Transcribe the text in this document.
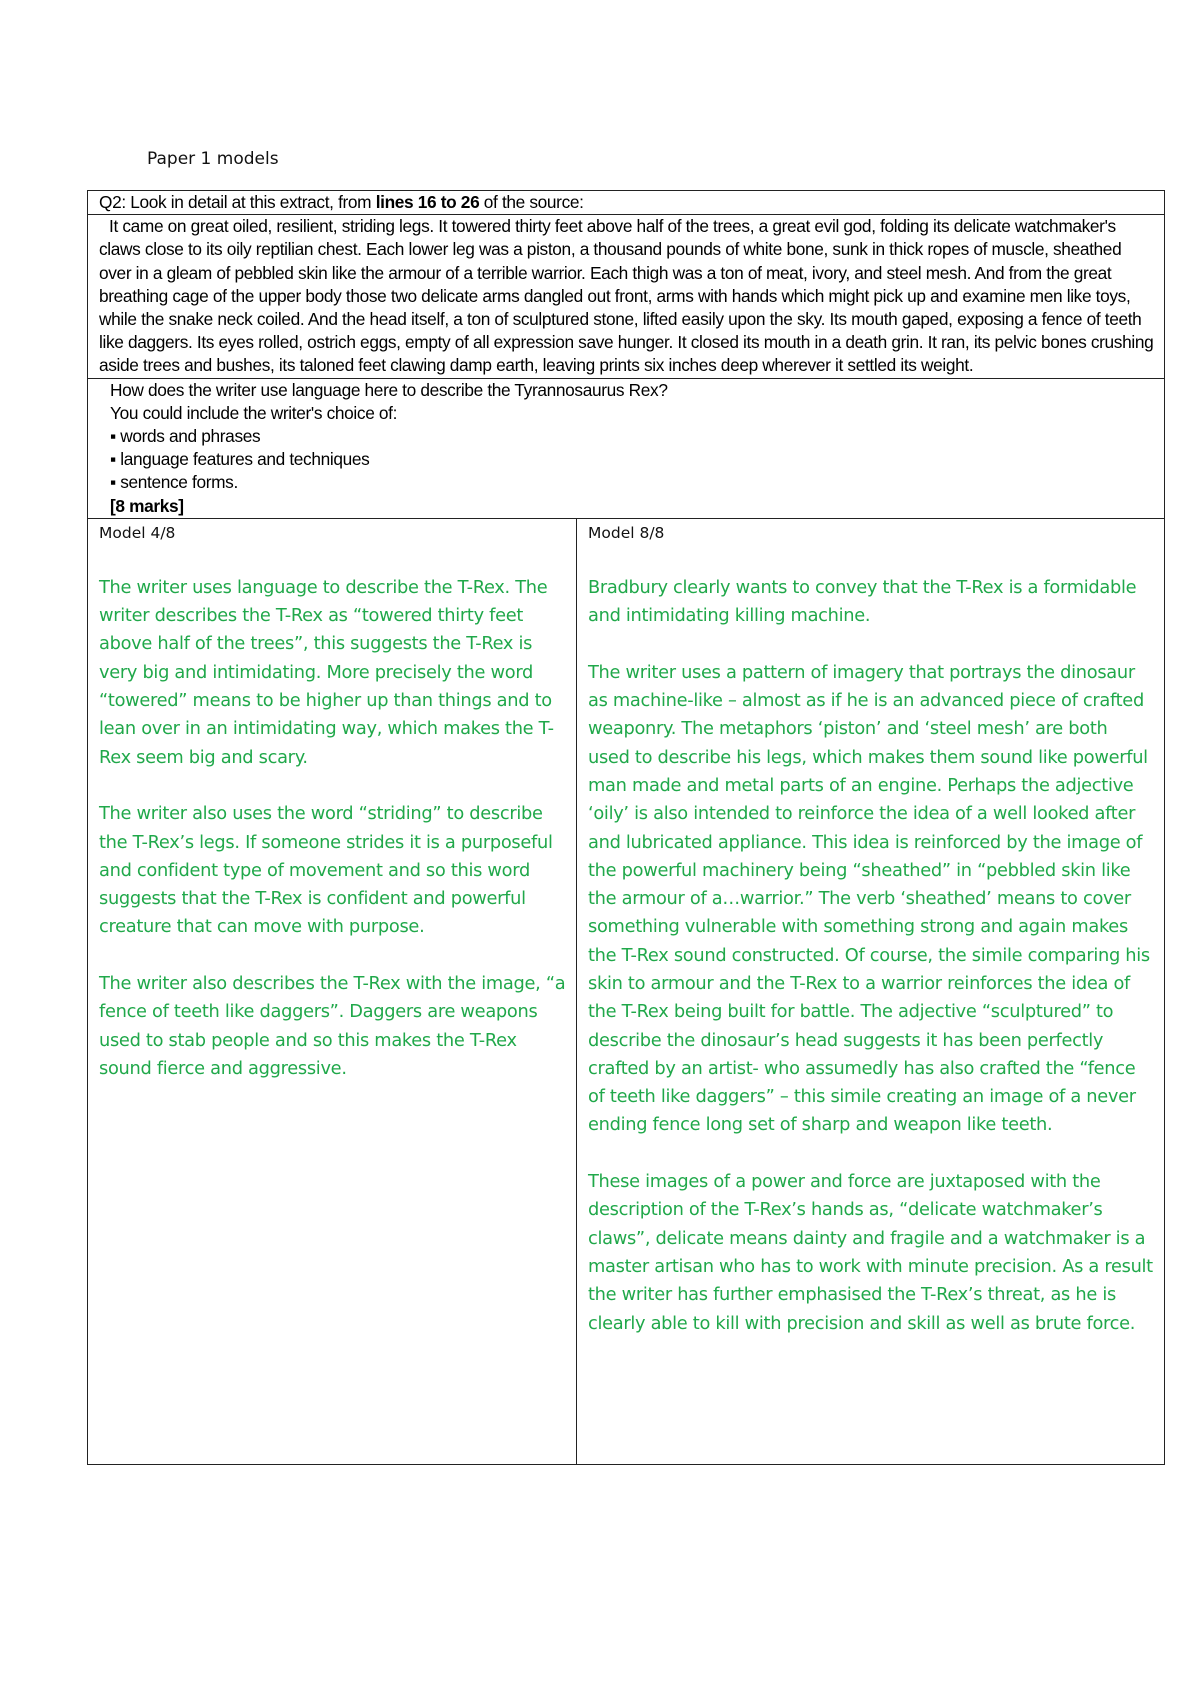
Paper 1 models
Q2: Look in detail at this extract, from lines 16 to 26 of the source:

It came on great oiled, resilient, striding legs. It towered thirty feet above half of the trees, a great evil god, folding its delicate watchmaker's claws close to its oily reptilian chest. Each lower leg was a piston, a thousand pounds of white bone, sunk in thick ropes of muscle, sheathed over in a gleam of pebbled skin like the armour of a terrible warrior. Each thigh was a ton of meat, ivory, and steel mesh. And from the great breathing cage of the upper body those two delicate arms dangled out front, arms with hands which might pick up and examine men like toys, while the snake neck coiled. And the head itself, a ton of sculptured stone, lifted easily upon the sky. Its mouth gaped, exposing a fence of teeth like daggers. Its eyes rolled, ostrich eggs, empty of all expression save hunger. It closed its mouth in a death grin. It ran, its pelvic bones crushing aside trees and bushes, its taloned feet clawing damp earth, leaving prints six inches deep wherever it settled its weight.

How does the writer use language here to describe the Tyrannosaurus Rex?
You could include the writer's choice of:
▪ words and phrases
▪ language features and techniques
▪ sentence forms.
[8 marks]

Model 4/8

The writer uses language to describe the T-Rex. The writer describes the T-Rex as “towered thirty feet above half of the trees”, this suggests the T-Rex is very big and intimidating. More precisely the word “towered” means to be higher up than things and to lean over in an intimidating way, which makes the T-Rex seem big and scary.

The writer also uses the word “striding” to describe the T-Rex’s legs. If someone strides it is a purposeful and confident type of movement and so this word suggests that the T-Rex is confident and powerful creature that can move with purpose.

The writer also describes the T-Rex with the image, “a fence of teeth like daggers”. Daggers are weapons used to stab people and so this makes the T-Rex sound fierce and aggressive.

Model 8/8

Bradbury clearly wants to convey that the T-Rex is a formidable and intimidating killing machine.

The writer uses a pattern of imagery that portrays the dinosaur as machine-like – almost as if he is an advanced piece of crafted weaponry. The metaphors ‘piston’ and ‘steel mesh’ are both used to describe his legs, which makes them sound like powerful man made and metal parts of an engine. Perhaps the adjective ‘oily’ is also intended to reinforce the idea of a well looked after and lubricated appliance. This idea is reinforced by the image of the powerful machinery being “sheathed” in “pebbled skin like the armour of a…warrior.” The verb ‘sheathed’ means to cover something vulnerable with something strong and again makes the T-Rex sound constructed. Of course, the simile comparing his skin to armour and the T-Rex to a warrior reinforces the idea of the T-Rex being built for battle. The adjective “sculptured” to describe the dinosaur’s head suggests it has been perfectly crafted by an artist- who assumedly has also crafted the “fence of teeth like daggers” – this simile creating an image of a never ending fence long set of sharp and weapon like teeth.

These images of a power and force are juxtaposed with the description of the T-Rex’s hands as, “delicate watchmaker’s claws”, delicate means dainty and fragile and a watchmaker is a master artisan who has to work with minute precision. As a result the writer has further emphasised the T-Rex’s threat, as he is clearly able to kill with precision and skill as well as brute force.
